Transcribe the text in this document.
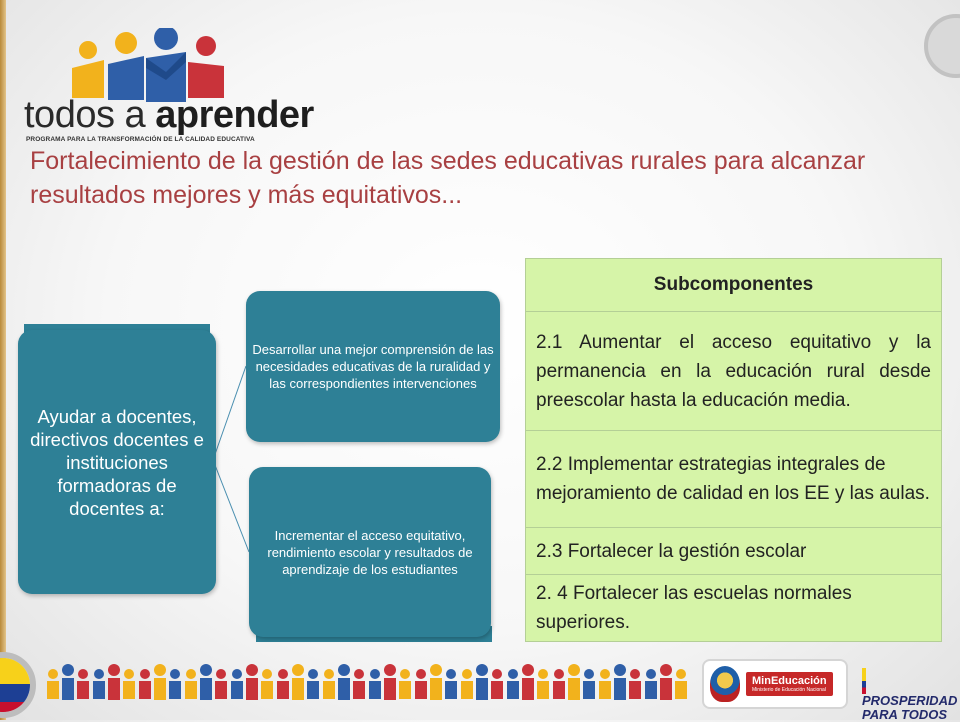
todos a aprender
PROGRAMA PARA LA TRANSFORMACIÓN DE LA CALIDAD EDUCATIVA
Fortalecimiento de la gestión de las sedes educativas rurales para alcanzar resultados mejores y más equitativos...
Ayudar a docentes, directivos docentes e instituciones formadoras de docentes a:
Desarrollar una mejor comprensión de las necesidades educativas de la ruralidad y las correspondientes intervenciones
Incrementar el acceso equitativo, rendimiento escolar y resultados de aprendizaje de los estudiantes
Subcomponentes
2.1 Aumentar el acceso equitativo y la permanencia en la educación rural desde preescolar hasta la educación media.
2.2 Implementar estrategias integrales de mejoramiento de calidad en los EE y las aulas.
2.3 Fortalecer la gestión escolar
2. 4 Fortalecer las escuelas normales superiores.
MinEducación
Ministerio de Educación Nacional
PROSPERIDAD
PARA TODOS
